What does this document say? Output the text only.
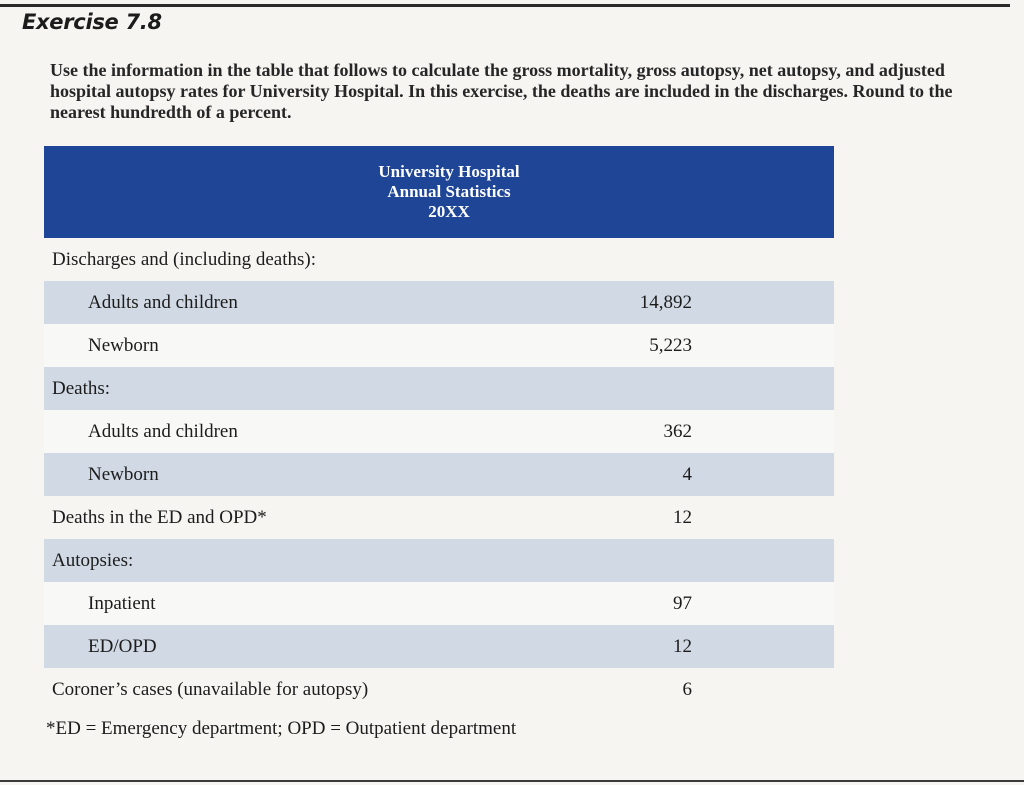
Exercise 7.8
Use the information in the table that follows to calculate the gross mortality, gross autopsy, net autopsy, and adjusted hospital autopsy rates for University Hospital. In this exercise, the deaths are included in the discharges. Round to the nearest hundredth of a percent.
University Hospital
Annual Statistics
20XX
Discharges and (including deaths):
Adults and children	14,892
Newborn	5,223
Deaths:
Adults and children	362
Newborn	4
Deaths in the ED and OPD*	12
Autopsies:
Inpatient	97
ED/OPD	12
Coroner’s cases (unavailable for autopsy)	6
*ED = Emergency department; OPD = Outpatient department
